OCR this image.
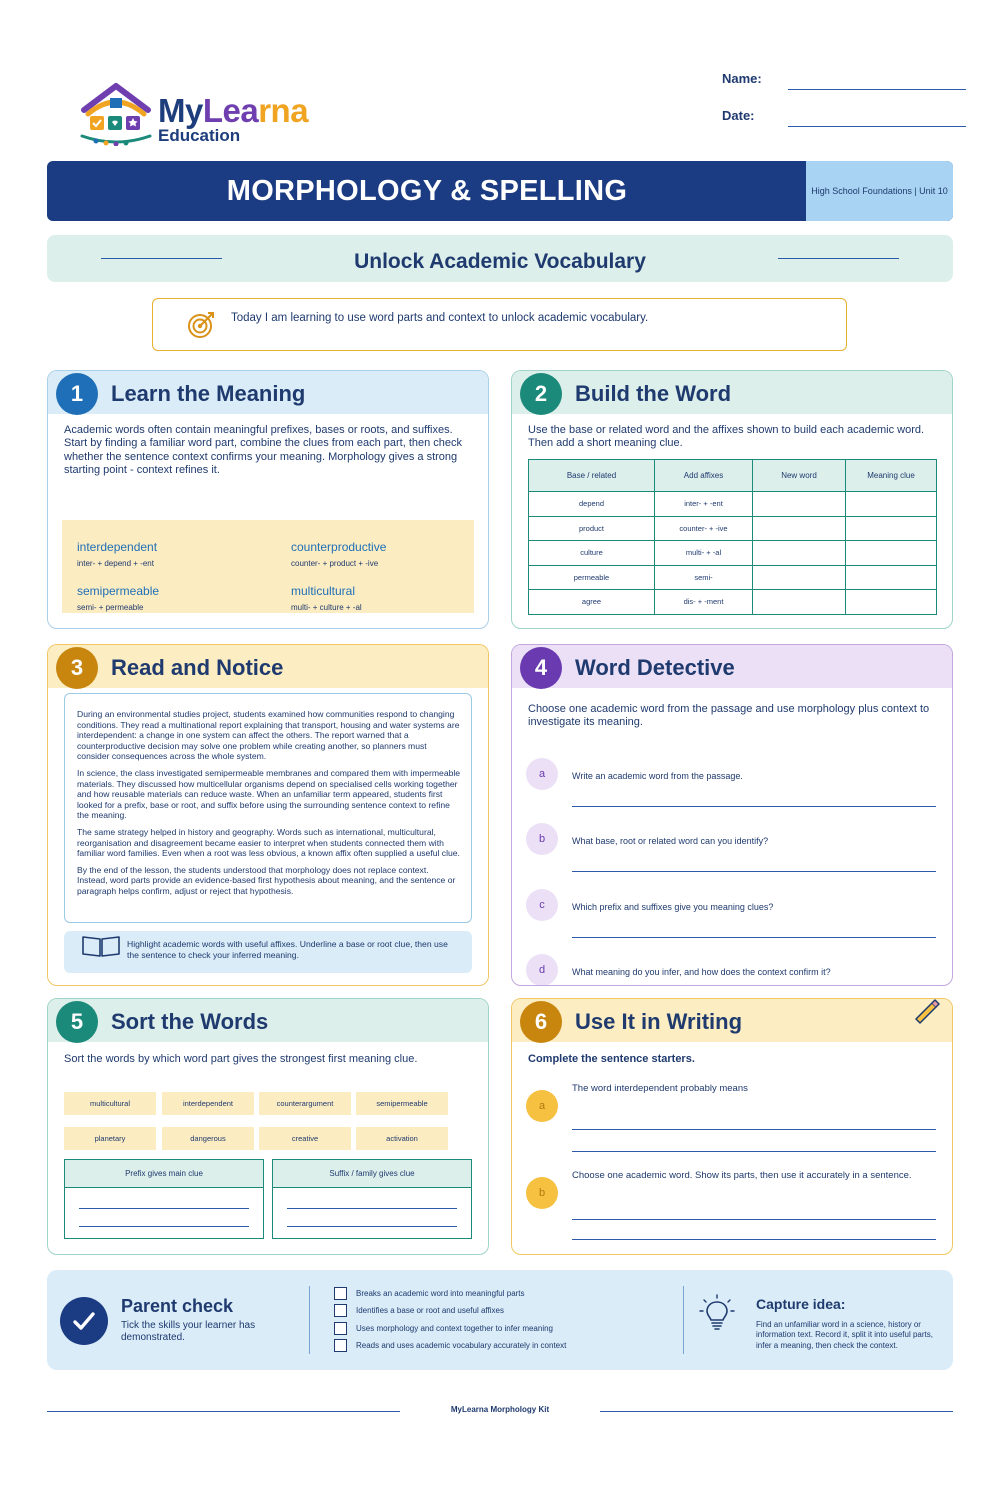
MyLearna
Education
Name:
Date:
MORPHOLOGY & SPELLING	High School Foundations | Unit 10
Unlock Academic Vocabulary
Today I am learning to use word parts and context to unlock academic vocabulary.
1	Learn the Meaning
Academic words often contain meaningful prefixes, bases or roots, and suffixes. Start by finding a familiar word part, combine the clues from each part, then check whether the sentence context confirms your meaning. Morphology gives a strong starting point - context refines it.
interdependent
inter- + depend + -ent
counterproductive
counter- + product + -ive
semipermeable
semi- + permeable
multicultural
multi- + culture + -al
2	Build the Word
Use the base or related word and the affixes shown to build each academic word. Then add a short meaning clue.
Base / related	Add affixes	New word	Meaning clue
depend	inter- + -ent		
product	counter- + -ive		
culture	multi- + -al		
permeable	semi-		
agree	dis- + -ment		
3	Read and Notice

During an environmental studies project, students examined how communities respond to changing conditions. They read a multinational report explaining that transport, housing and water systems are interdependent: a change in one system can affect the others. The report warned that a counterproductive decision may solve one problem while creating another, so planners must consider consequences across the whole system.

In science, the class investigated semipermeable membranes and compared them with impermeable materials. They discussed how multicellular organisms depend on specialised cells working together and how reusable materials can reduce waste. When an unfamiliar term appeared, students first looked for a prefix, base or root, and suffix before using the surrounding sentence context to refine the meaning.

The same strategy helped in history and geography. Words such as international, multicultural, reorganisation and disagreement became easier to interpret when students connected them with familiar word families. Even when a root was less obvious, a known affix often supplied a useful clue.

By the end of the lesson, the students understood that morphology does not replace context. Instead, word parts provide an evidence-based first hypothesis about meaning, and the sentence or paragraph helps confirm, adjust or reject that hypothesis.

Highlight academic words with useful affixes. Underline a base or root clue, then use the sentence to check your inferred meaning.
4	Word Detective
Choose one academic word from the passage and use morphology plus context to investigate its meaning.
a	Write an academic word from the passage.
b	What base, root or related word can you identify?
c	Which prefix and suffixes give you meaning clues?
d	What meaning do you infer, and how does the context confirm it?
5	Sort the Words
Sort the words by which word part gives the strongest first meaning clue.
multicultural	interdependent	counterargument	semipermeable
planetary	dangerous	creative	activation
Prefix gives main clue	Suffix / family gives clue
6	Use It in Writing
Complete the sentence starters.
a
The word interdependent probably means
b
Choose one academic word. Show its parts, then use it accurately in a sentence.
Parent check
Tick the skills your learner has demonstrated.
Breaks an academic word into meaningful parts
Identifies a base or root and useful affixes
Uses morphology and context together to infer meaning
Reads and uses academic vocabulary accurately in context
Capture idea:
Find an unfamiliar word in a science, history or information text. Record it, split it into useful parts, infer a meaning, then check the context.
MyLearna Morphology Kit
